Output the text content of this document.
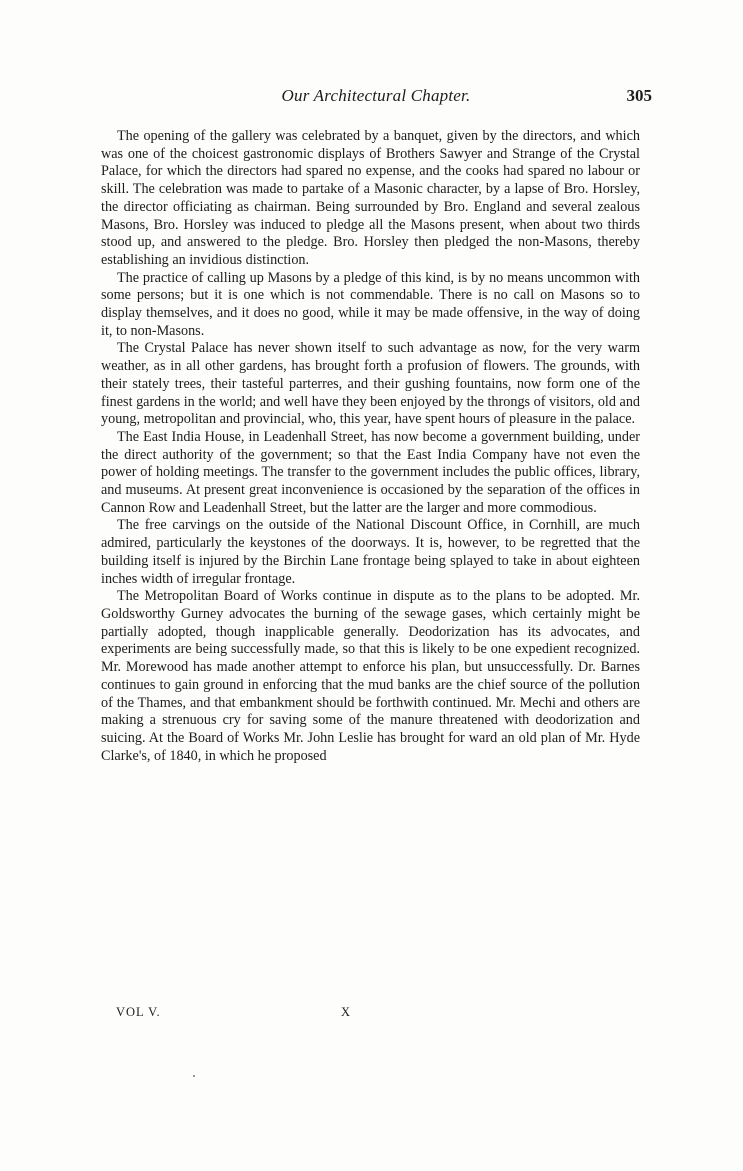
Our Architectural Chapter.	305

The opening of the gallery was celebrated by a banquet, given by the directors, and which was one of the choicest gastronomic displays of Brothers Sawyer and Strange of the Crystal Palace, for which the directors had spared no expense, and the cooks had spared no labour or skill. The celebration was made to partake of a Masonic character, by a lapse of Bro. Horsley, the director officiating as chairman. Being surrounded by Bro. England and several zealous Masons, Bro. Horsley was induced to pledge all the Masons present, when about two thirds stood up, and answered to the pledge. Bro. Horsley then pledged the non-Masons, thereby establishing an invidious distinction.

The practice of calling up Masons by a pledge of this kind, is by no means uncommon with some persons; but it is one which is not commendable. There is no call on Masons so to display themselves, and it does no good, while it may be made offensive, in the way of doing it, to non-Masons.

The Crystal Palace has never shown itself to such advantage as now, for the very warm weather, as in all other gardens, has brought forth a profusion of flowers. The grounds, with their stately trees, their tasteful parterres, and their gushing fountains, now form one of the finest gardens in the world; and well have they been enjoyed by the throngs of visitors, old and young, metropolitan and provincial, who, this year, have spent hours of pleasure in the palace.

The East India House, in Leadenhall Street, has now become a government building, under the direct authority of the government; so that the East India Company have not even the power of holding meetings. The transfer to the government includes the public offices, library, and museums. At present great inconvenience is occasioned by the separation of the offices in Cannon Row and Leadenhall Street, but the latter are the larger and more commodious.

The free carvings on the outside of the National Discount Office, in Cornhill, are much admired, particularly the keystones of the doorways. It is, however, to be regretted that the building itself is injured by the Birchin Lane frontage being splayed to take in about eighteen inches width of irregular frontage.

The Metropolitan Board of Works continue in dispute as to the plans to be adopted. Mr. Goldsworthy Gurney advocates the burning of the sewage gases, which certainly might be partially adopted, though inapplicable generally. Deodorization has its advocates, and experiments are being successfully made, so that this is likely to be one expedient recognized. Mr. Morewood has made another attempt to enforce his plan, but unsuccessfully. Dr. Barnes continues to gain ground in enforcing that the mud banks are the chief source of the pollution of the Thames, and that embankment should be forthwith continued. Mr. Mechi and others are making a strenuous cry for saving some of the manure threatened with deodorization and suicing. At the Board of Works Mr. John Leslie has brought for ward an old plan of Mr. Hyde Clarke's, of 1840, in which he proposed

VOL V.	X
